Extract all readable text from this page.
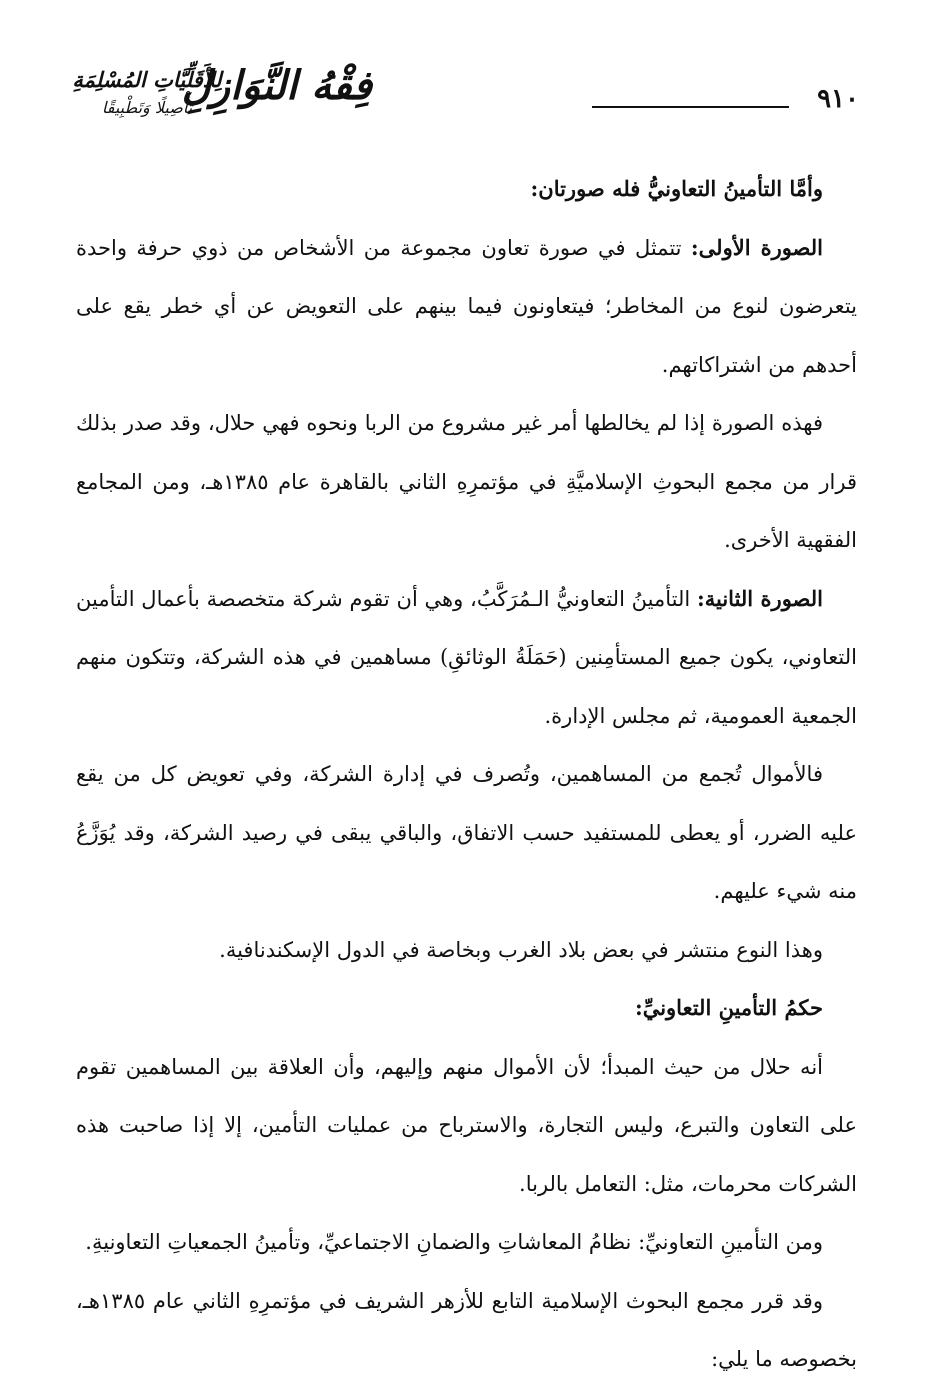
٩١٠
فِقْهُ النَّوَازِلِ
لِلأَقَلِّيَّاتِ المُسْلِمَةِ
تَأْصِيلًا وَتَطْبِيقًا

وأمَّا التأمينُ التعاونيُّ فله صورتان:

الصورة الأولى: تتمثل في صورة تعاون مجموعة من الأشخاص من ذوي حرفة واحدة يتعرضون لنوع من المخاطر؛ فيتعاونون فيما بينهم على التعويض عن أي خطر يقع على أحدهم من اشتراكاتهم.

فهذه الصورة إذا لم يخالطها أمر غير مشروع من الربا ونحوه فهي حلال، وقد صدر بذلك قرار من مجمع البحوثِ الإسلاميَّةِ في مؤتمرِهِ الثاني بالقاهرة عام ١٣٨٥هـ، ومن المجامع الفقهية الأخرى.

الصورة الثانية: التأمينُ التعاونيُّ الـمُرَكَّبُ، وهي أن تقوم شركة متخصصة بأعمال التأمين التعاوني، يكون جميع المستأمِنين (حَمَلَةُ الوثائقِ) مساهمين في هذه الشركة، وتتكون منهم الجمعية العمومية، ثم مجلس الإدارة.

فالأموال تُجمع من المساهمين، وتُصرف في إدارة الشركة، وفي تعويض كل من يقع عليه الضرر، أو يعطى للمستفيد حسب الاتفاق، والباقي يبقى في رصيد الشركة، وقد يُوَزَّعُ منه شيء عليهم.

وهذا النوع منتشر في بعض بلاد الغرب وبخاصة في الدول الإسكندنافية.

حكمُ التأمينِ التعاونيِّ:

أنه حلال من حيث المبدأ؛ لأن الأموال منهم وإليهم، وأن العلاقة بين المساهمين تقوم على التعاون والتبرع، وليس التجارة، والاسترباح من عمليات التأمين، إلا إذا صاحبت هذه الشركات محرمات، مثل: التعامل بالربا.

ومن التأمينِ التعاونيِّ: نظامُ المعاشاتِ والضمانِ الاجتماعيِّ، وتأمينُ الجمعياتِ التعاونيةِ.

وقد قرر مجمع البحوث الإسلامية التابع للأزهر الشريف في مؤتمرِهِ الثاني عام ١٣٨٥هـ، بخصوصه ما يلي:
